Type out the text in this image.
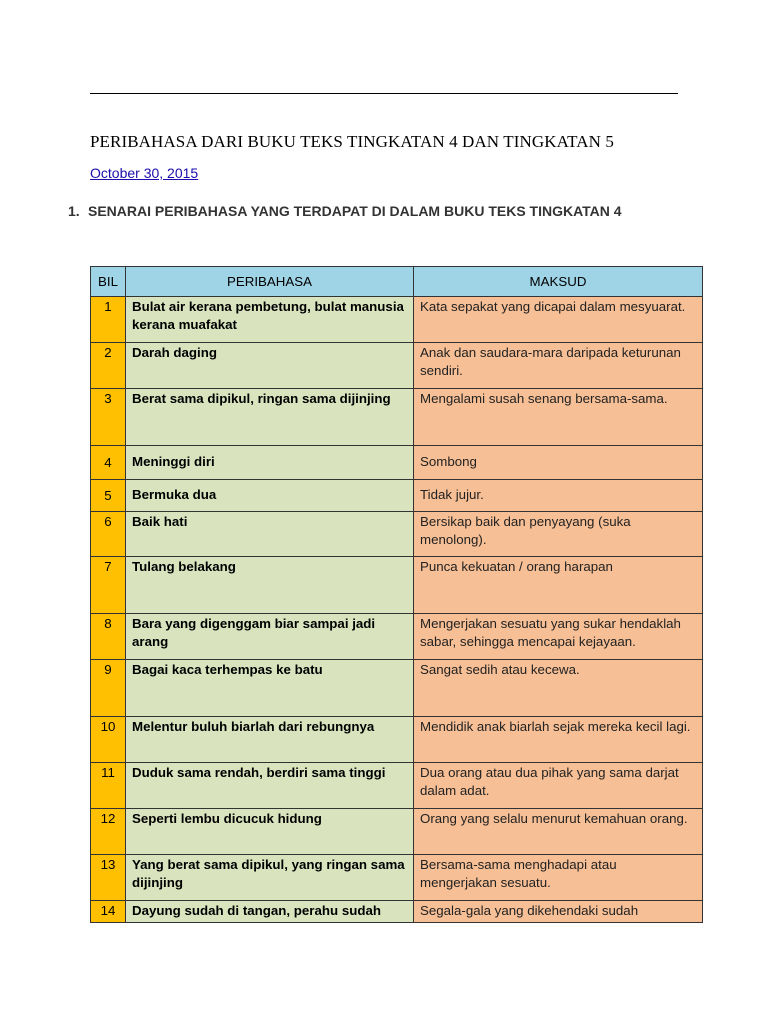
PERIBAHASA DARI BUKU TEKS TINGKATAN 4 DAN TINGKATAN 5
October 30, 2015
1. SENARAI PERIBAHASA YANG TERDAPAT DI DALAM BUKU TEKS TINGKATAN 4
BIL	PERIBAHASA	MAKSUD
1	Bulat air kerana pembetung, bulat manusia kerana muafakat	Kata sepakat yang dicapai dalam mesyuarat.
2	Darah daging	Anak dan saudara-mara daripada keturunan sendiri.
3	Berat sama dipikul, ringan sama dijinjing	Mengalami susah senang bersama-sama.
4	Meninggi diri	Sombong
5	Bermuka dua	Tidak jujur.
6	Baik hati	Bersikap baik dan penyayang (suka menolong).
7	Tulang belakang	Punca kekuatan / orang harapan
8	Bara yang digenggam biar sampai jadi arang	Mengerjakan sesuatu yang sukar hendaklah sabar, sehingga mencapai kejayaan.
9	Bagai kaca terhempas ke batu	Sangat sedih atau kecewa.
10	Melentur buluh biarlah dari rebungnya	Mendidik anak biarlah sejak mereka kecil lagi.
11	Duduk sama rendah, berdiri sama tinggi	Dua orang atau dua pihak yang sama darjat dalam adat.
12	Seperti lembu dicucuk hidung	Orang yang selalu menurut kemahuan orang.
13	Yang berat sama dipikul, yang ringan sama dijinjing	Bersama-sama menghadapi atau mengerjakan sesuatu.
14	Dayung sudah di tangan, perahu sudah	Segala-gala yang dikehendaki sudah
